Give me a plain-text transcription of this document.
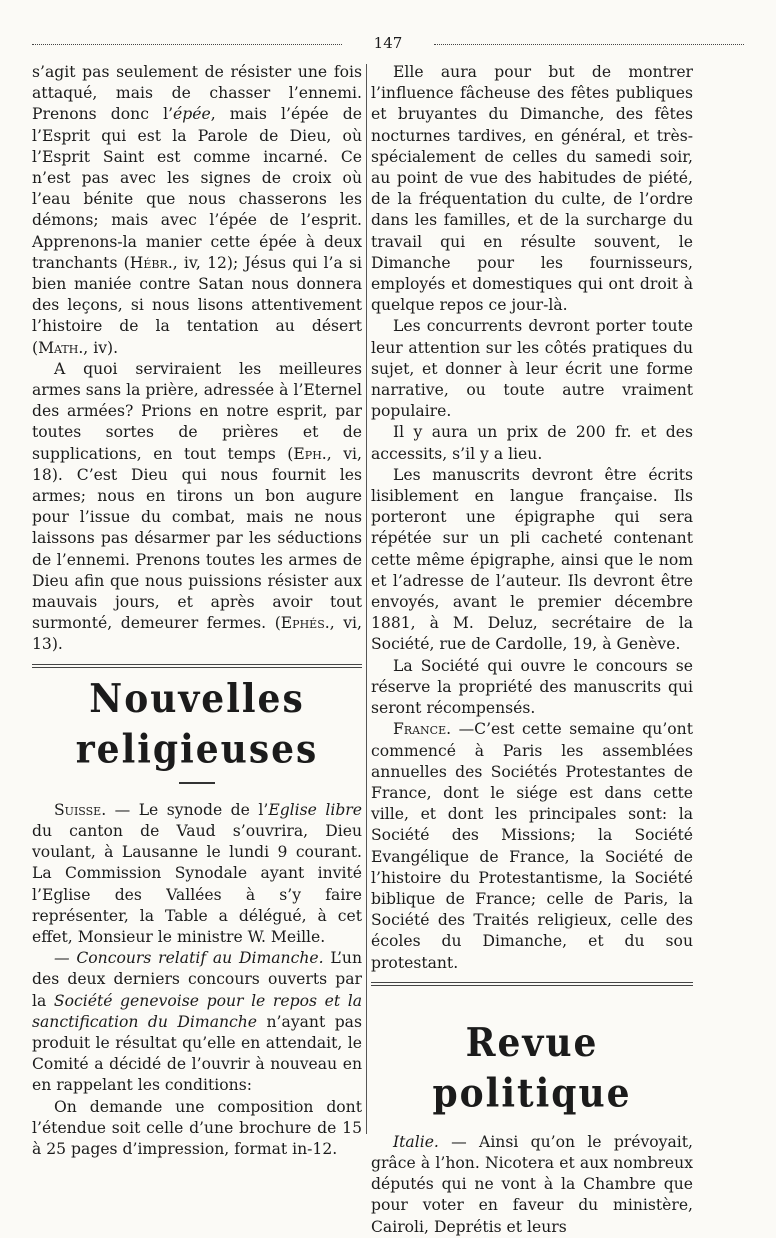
147

s’agit pas seulement de résister une fois attaqué, mais de chasser l’ennemi. Prenons donc l’épée, mais l’épée de l’Esprit qui est la Parole de Dieu, où l’Esprit Saint est comme incarné. Ce n’est pas avec les signes de croix où l’eau bénite que nous chasserons les démons; mais avec l’épée de l’esprit. Apprenons-la manier cette épée à deux tranchants (Hébr., iv, 12); Jésus qui l’a si bien maniée contre Satan nous donnera des leçons, si nous lisons attentivement l’histoire de la tentation au désert (Math., iv).

A quoi serviraient les meilleures armes sans la prière, adressée à l’Eternel des armées? Prions en notre esprit, par toutes sortes de prières et de supplications, en tout temps (Eph., vi, 18). C’est Dieu qui nous fournit les armes; nous en tirons un bon augure pour l’issue du combat, mais ne nous laissons pas désarmer par les séductions de l’ennemi. Prenons toutes les armes de Dieu afin que nous puissions résister aux mauvais jours, et après avoir tout surmonté, demeurer fermes. (Ephés., vi, 13).

Nouvelles religieuses

Suisse. — Le synode de l’Eglise libre du canton de Vaud s’ouvrira, Dieu voulant, à Lausanne le lundi 9 courant. La Commission Synodale ayant invité l’Eglise des Vallées à s’y faire représenter, la Table a délégué, à cet effet, Monsieur le ministre W. Meille.

— Concours relatif au Dimanche. L’un des deux derniers concours ouverts par la Société genevoise pour le repos et la sanctification du Dimanche n’ayant pas produit le résultat qu’elle en attendait, le Comité a décidé de l’ouvrir à nouveau en en rappelant les conditions:

On demande une composition dont l’étendue soit celle d’une brochure de 15 à 25 pages d’impression, format in-12.

Elle aura pour but de montrer l’influence fâcheuse des fêtes publiques et bruyantes du Dimanche, des fêtes nocturnes tardives, en général, et très-spécialement de celles du samedi soir, au point de vue des habitudes de piété, de la fréquentation du culte, de l’ordre dans les familles, et de la surcharge du travail qui en résulte souvent, le Dimanche pour les fournisseurs, employés et domestiques qui ont droit à quelque repos ce jour-là.

Les concurrents devront porter toute leur attention sur les côtés pratiques du sujet, et donner à leur écrit une forme narrative, ou toute autre vraiment populaire.

Il y aura un prix de 200 fr. et des accessits, s’il y a lieu.

Les manuscrits devront être écrits lisiblement en langue française. Ils porteront une épigraphe qui sera répétée sur un pli cacheté contenant cette même épigraphe, ainsi que le nom et l’adresse de l’auteur. Ils devront être envoyés, avant le premier décembre 1881, à M. Deluz, secrétaire de la Société, rue de Cardolle, 19, à Genève.

La Société qui ouvre le concours se réserve la propriété des manuscrits qui seront récompensés.

France. —C’est cette semaine qu’ont commencé à Paris les assemblées annuelles des Sociétés Protestantes de France, dont le siége est dans cette ville, et dont les principales sont: la Société des Missions; la Société Evangélique de France, la Société de l’histoire du Protestantisme, la Société biblique de France; celle de Paris, la Société des Traités religieux, celle des écoles du Dimanche, et du sou protestant.

Revue politique

Italie. — Ainsi qu’on le prévoyait, grâce à l’hon. Nicotera et aux nombreux députés qui ne vont à la Chambre que pour voter en faveur du ministère, Cairoli, Deprétis et leurs
